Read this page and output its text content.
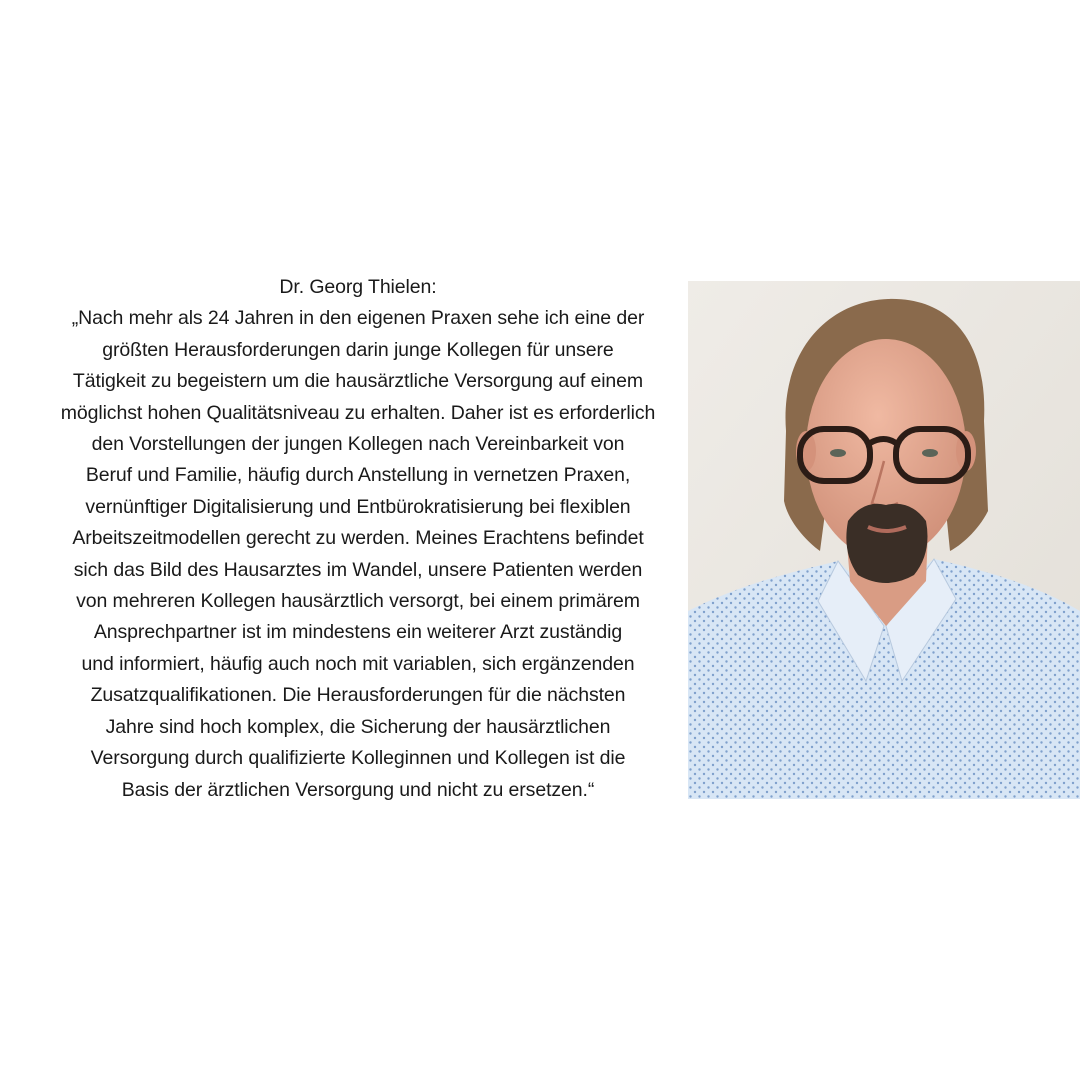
Dr. Georg Thielen:
„Nach mehr als 24 Jahren in den eigenen Praxen sehe ich eine der
größten Herausforderungen darin junge Kollegen für unsere
Tätigkeit zu begeistern um die hausärztliche Versorgung auf einem
möglichst hohen Qualitätsniveau zu erhalten. Daher ist es erforderlich
den Vorstellungen der jungen Kollegen nach Vereinbarkeit von
Beruf und Familie, häufig durch Anstellung in vernetzen Praxen,
vernünftiger Digitalisierung und Entbürokratisierung bei flexiblen
Arbeitszeitmodellen gerecht zu werden. Meines Erachtens befindet
sich das Bild des Hausarztes im Wandel, unsere Patienten werden
von mehreren Kollegen hausärztlich versorgt, bei einem primärem
Ansprechpartner ist im mindestens ein weiterer Arzt zuständig
und informiert, häufig auch noch mit variablen, sich ergänzenden
Zusatzqualifikationen. Die Herausforderungen für die nächsten
Jahre sind hoch komplex, die Sicherung der hausärztlichen
Versorgung durch qualifizierte Kolleginnen und Kollegen ist die
Basis der ärztlichen Versorgung und nicht zu ersetzen.“
